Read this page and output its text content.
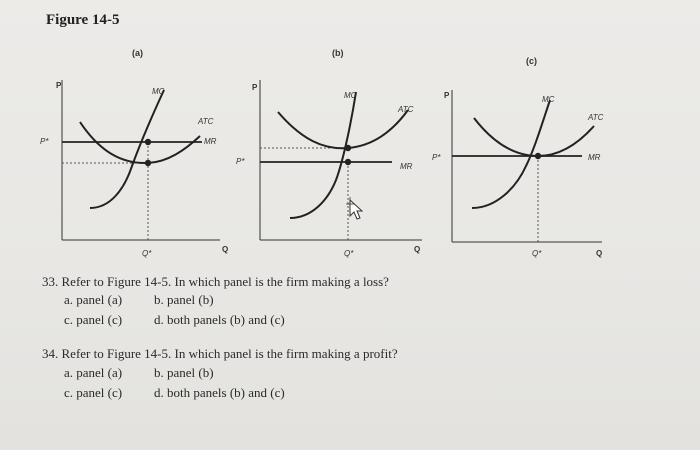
Figure 14-5
(a)
P
Q
P*
Q*
MC
ATC
MR
(b)
P
Q
P*
Q*
MC
ATC
MR
(c)
P
Q
P*
Q*
MC
ATC
MR
33. Refer to Figure 14-5. In which panel is the firm making a loss?
a. panel (a) b. panel (b)
c. panel (c) d. both panels (b) and (c)
34. Refer to Figure 14-5. In which panel is the firm making a profit?
a. panel (a) b. panel (b)
c. panel (c) d. both panels (b) and (c)
